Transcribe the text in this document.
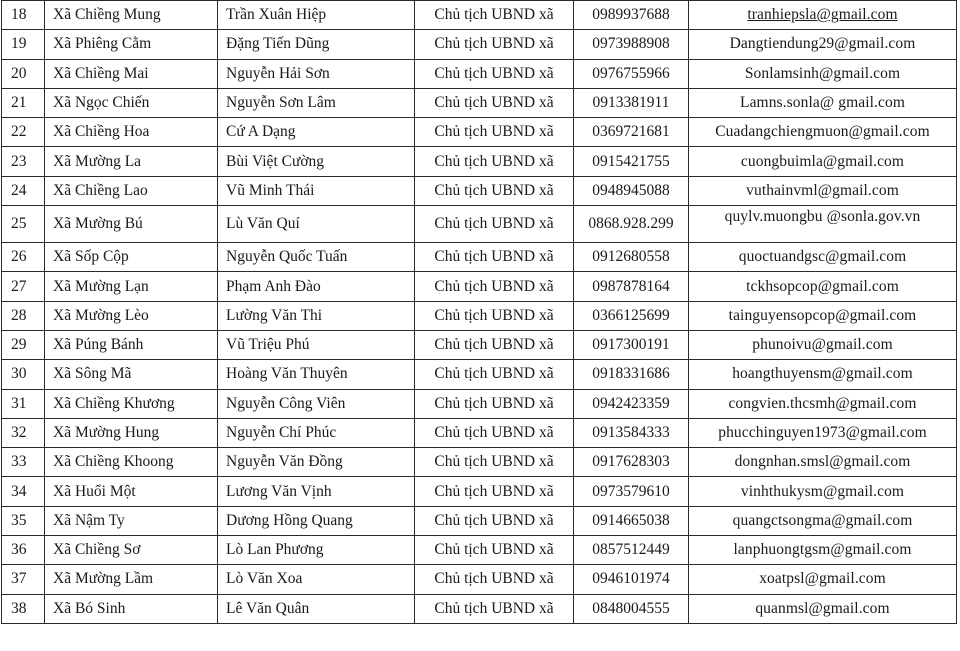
18	Xã Chiềng Mung	Trần Xuân Hiệp	Chủ tịch UBND xã	0989937688	tranhiepsla@gmail.com
19	Xã Phiêng Cằm	Đặng Tiến Dũng	Chủ tịch UBND xã	0973988908	Dangtiendung29@gmail.com
20	Xã Chiềng Mai	Nguyễn Hải Sơn	Chủ tịch UBND xã	0976755966	Sonlamsinh@gmail.com
21	Xã Ngọc Chiến	Nguyễn Sơn Lâm	Chủ tịch UBND xã	0913381911	Lamns.sonla@ gmail.com
22	Xã Chiềng Hoa	Cứ A Dạng	Chủ tịch UBND xã	0369721681	Cuadangchiengmuon@gmail.com
23	Xã Mường La	Bùi Việt Cường	Chủ tịch UBND xã	0915421755	cuongbuimla@gmail.com
24	Xã Chiềng Lao	Vũ Minh Thái	Chủ tịch UBND xã	0948945088	vuthainvml@gmail.com
25	Xã Mường Bú	Lù Văn Quí	Chủ tịch UBND xã	0868.928.299	quylv.muongbu @sonla.gov.vn
26	Xã Sốp Cộp	Nguyễn Quốc Tuấn	Chủ tịch UBND xã	0912680558	quoctuandgsc@gmail.com
27	Xã Mường Lạn	Phạm Anh Đào	Chủ tịch UBND xã	0987878164	tckhsopcop@gmail.com
28	Xã Mường Lèo	Lường Văn Thi	Chủ tịch UBND xã	0366125699	tainguyensopcop@gmail.com
29	Xã Púng Bánh	Vũ Triệu Phú	Chủ tịch UBND xã	0917300191	phunoivu@gmail.com
30	Xã Sông Mã	Hoàng Văn Thuyên	Chủ tịch UBND xã	0918331686	hoangthuyensm@gmail.com
31	Xã Chiềng Khương	Nguyễn Công Viên	Chủ tịch UBND xã	0942423359	congvien.thcsmh@gmail.com
32	Xã Mường Hung	Nguyễn Chí Phúc	Chủ tịch UBND xã	0913584333	phucchinguyen1973@gmail.com
33	Xã Chiềng Khoong	Nguyễn Văn Đồng	Chủ tịch UBND xã	0917628303	dongnhan.smsl@gmail.com
34	Xã Huổi Một	Lương Văn Vịnh	Chủ tịch UBND xã	0973579610	vinhthukysm@gmail.com
35	Xã Nậm Ty	Dương Hồng Quang	Chủ tịch UBND xã	0914665038	quangctsongma@gmail.com
36	Xã Chiềng Sơ	Lò Lan Phương	Chủ tịch UBND xã	0857512449	lanphuongtgsm@gmail.com
37	Xã Mường Lầm	Lò Văn Xoa	Chủ tịch UBND xã	0946101974	xoatpsl@gmail.com
38	Xã Bó Sinh	Lê Văn Quân	Chủ tịch UBND xã	0848004555	quanmsl@gmail.com
